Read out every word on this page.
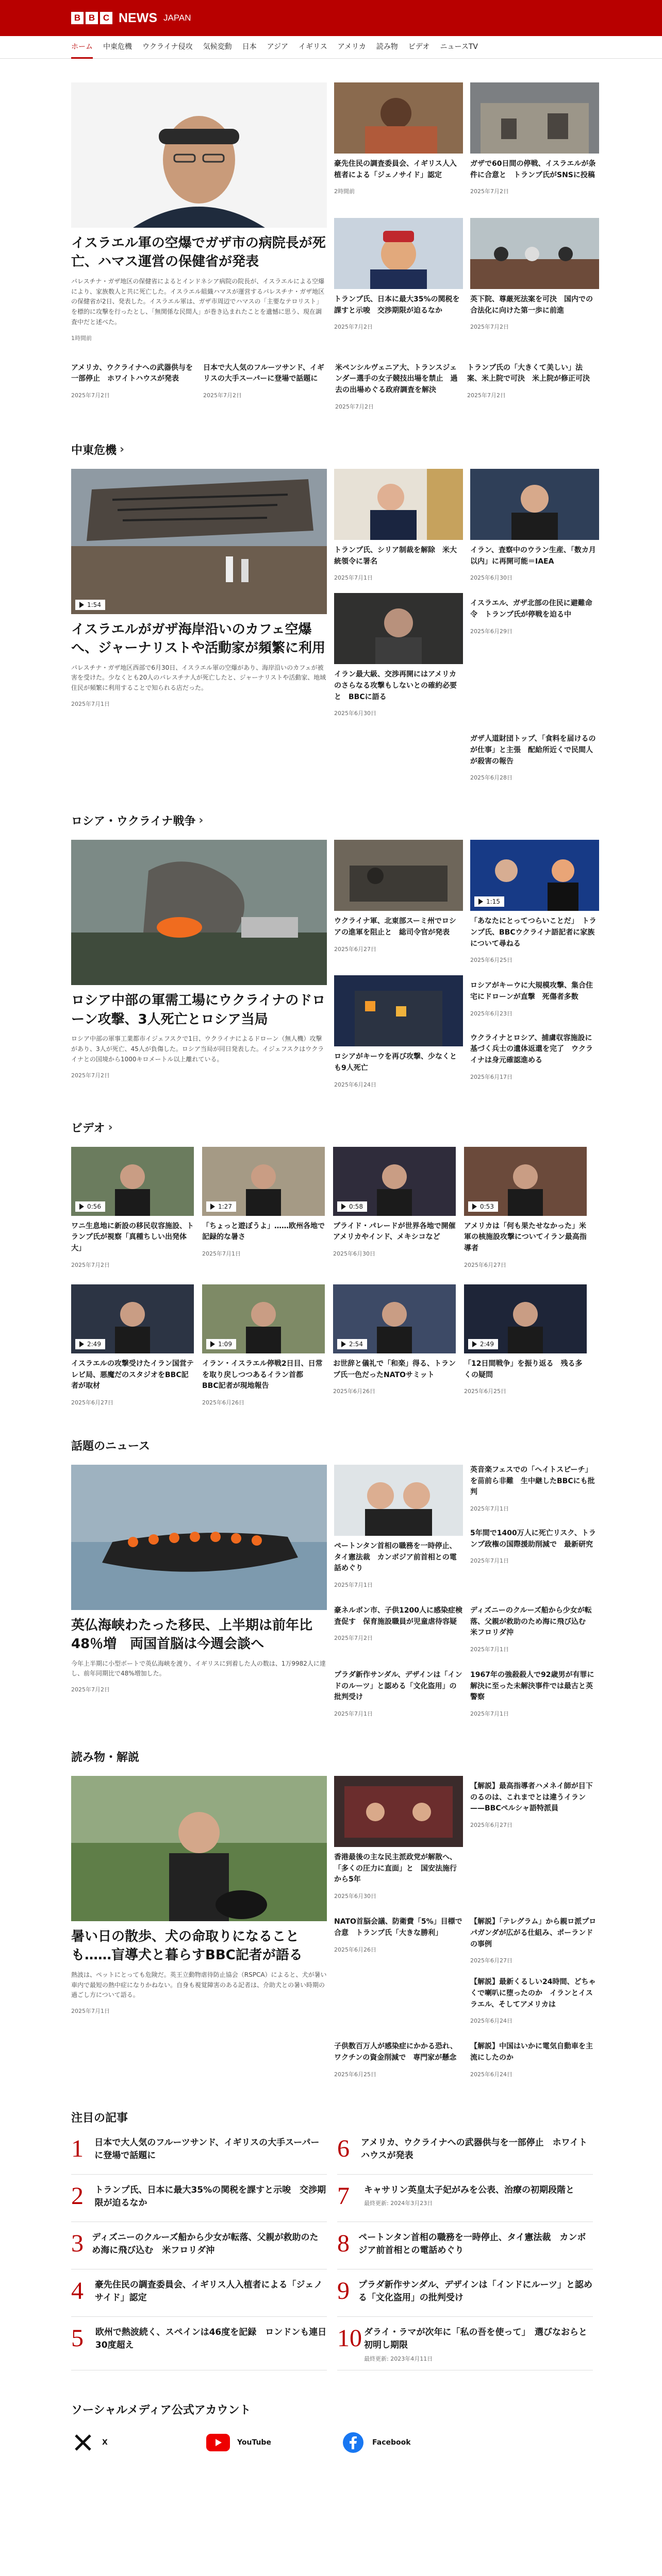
B B C NEWS JAPAN
ホーム 中東危機 ウクライナ侵攻 気候変動 日本 アジア イギリス アメリカ 読み物 ビデオ ニュースTV
イスラエル軍の空爆でガザ市の病院長が死亡、ハマス運営の保健省が発表
パレスチナ・ガザ地区の保健省によるとインドネシア病院の院長が、イスラエルによる空爆により、家族数人と共に死亡した。イスラエル組織ハマスが運営するパレスチナ・ガザ地区の保健省が2日、発表した。イスラエル軍は、ガザ市周辺でハマスの「主要なテロリスト」を標的に攻撃を行ったとし、「無関係な民間人」が巻き込まれたことを遺憾に思う、現在調査中だと述べた。
1時間前
豪先住民の調査委員会、イギリス人入植者による「ジェノサイド」認定
2時間前
ガザで60日間の停戦、イスラエルが条件に合意と　トランプ氏がSNSに投稿
2025年7月2日
トランプ氏、日本に最大35%の関税を課すと示唆　交渉期限が迫るなか
2025年7月2日
英下院、尊厳死法案を可決　国内での合法化に向けた第一歩に前進
2025年7月2日
アメリカ、ウクライナへの武器供与を一部停止　ホワイトハウスが発表
2025年7月2日
日本で大人気のフルーツサンド、イギリスの大手スーパーに登場で話題に
2025年7月2日
米ペンシルヴェニア大、トランスジェンダー選手の女子競技出場を禁止　過去の出場めぐる政府調査を解決
2025年7月2日
トランプ氏の「大きくて美しい」法案、米上院で可決　米上院が修正可決
2025年7月2日
中東危機 ›
1:54
イスラエルがガザ海岸沿いのカフェ空爆へ、ジャーナリストや活動家が頻繁に利用
パレスチナ・ガザ地区西部で6月30日、イスラエル軍の空爆があり、海岸沿いのカフェが被害を受けた。少なくとも20人のパレスチナ人が死亡したと、ジャーナリストや活動家、地域住民が頻繁に利用することで知られる店だった。
2025年7月1日
トランプ氏、シリア制裁を解除　米大統領令に署名
2025年7月1日
イラン、査察中のウラン生産、「数カ月以内」に再開可能＝IAEA
2025年6月30日
イラン最大級、交渉再開にはアメリカのさらなる攻撃もしないとの確約必要と　BBCに語る
2025年6月30日
イスラエル、ガザ北部の住民に避難命令　トランプ氏が停戦を迫る中
2025年6月29日
ガザ人道財団トップ、「食料を届けるのが仕事」と主張　配給所近くで民間人が殺害の報告
2025年6月28日
ロシア・ウクライナ戦争 ›
ロシア中部の軍需工場にウクライナのドローン攻撃、3人死亡とロシア当局
ロシア中部の軍事工業都市イジェフスクで1日、ウクライナによるドローン（無人機）攻撃があり、3人が死亡、45人が負傷した。ロシア当局が同日発表した。イジェフスクはウクライナとの国境から1000キロメートル以上離れている。
2025年7月2日
ウクライナ軍、北東部スーミ州でロシアの進軍を阻止と　総司令官が発表
2025年6月27日
1:15
「あなたにとってつらいことだ」　トランプ氏、BBCウクライナ語記者に家族について尋ねる
2025年6月25日
ロシアがキーウを再び攻撃、少なくとも9人死亡
2025年6月24日
ロシアがキーウに大規模攻撃、集合住宅にドローンが直撃　死傷者多数
2025年6月23日
ウクライナとロシア、捕虜収容施設に基づく兵士の遺体返還を完了　ウクライナは身元確認進める
2025年6月17日
ビデオ ›
0:56
ワニ生息地に新設の移民収容施設、トランプ氏が視察「真種ちしい出発体大」
2025年7月2日
1:27
「ちょっと遊ぼうよ」……欧州各地で記録的な暑さ
2025年7月1日
0:58
プライド・パレードが世界各地で開催　アメリカやインド、メキシコなど
2025年6月30日
0:53
アメリカは「何も果たせなかった」米軍の核施設攻撃についてイラン最高指導者
2025年6月27日
2:49
イスラエルの攻撃受けたイラン国営テレビ局、悪魔だのスタジオをBBC記者が取材
2025年6月27日
1:09
イラン・イスラエル停戦2日目、日常を取り戻しつつあるイラン首都　BBC記者が現地報告
2025年6月26日
2:54
お世辞と儀礼で「和楽」得る、トランプ氏一色だったNATOサミット
2025年6月26日
2:49
「12日間戦争」を振り返る　残る多くの疑問
2025年6月25日
話題のニュース
英仏海峡わたった移民、上半期は前年比48％増　両国首脳は今週会談へ
今年上半期に小型ボートで英仏海峡を渡り、イギリスに到着した人の数は、1万9982人に達し、前年同期比で48%増加した。
2025年7月2日
ペートンタン首相の職務を一時停止、タイ憲法裁　カンボジア前首相との電話めぐり
2025年7月1日
英音楽フェスでの「ヘイトスピーチ」を苗前ら非難　生中継したBBCにも批判
2025年7月1日
5年間で1400万人に死亡リスク、トランプ政権の国際援助削減で　最新研究
2025年7月1日
豪ネルボン市、子供1200人に感染症検査促す　保育施設職員が児童虐待容疑
2025年7月2日
ディズニーのクルーズ船から少女が転落、父親が救助のため海に飛び込む　米フロリダ沖
2025年7月1日
プラダ新作サンダル、デザインは「インドのルーツ」と認める「文化盗用」の批判受け
2025年7月1日
1967年の強殺殺人で92歳男が有罪に　解決に至った未解決事件では最古と英警察
2025年7月1日
読み物・解説
暑い日の散歩、犬の命取りになることも……盲導犬と暮らすBBC記者が語る
熱波は、ペットにとっても危険だ。英王立動物虐待防止協会（RSPCA）によると、犬が暑い車内で最短の熱中症になりかねない。自身も視覚障害のある記者は、介助犬との暑い時期の過ごし方について語る。
2025年7月1日
香港最後の主な民主派政党が解散へ、「多くの圧力に直面」と　国安法施行から5年
2025年6月30日
【解説】最高指導者ハメネイ師が目下のるのは、これまでとは違うイラン——BBCペルシャ語特派員
2025年6月27日
NATO首脳会議、防衛費「5%」目標で合意　トランプ氏「大きな勝利」
2025年6月26日
【解説】「テレグラム」から親ロ派プロパガンダが広がる仕組み、ポーランドの事例
2025年6月27日
【解説】最新くるしい24時間、どちゃくで喇叭に堕ったのか　イランとイスラエル、そしてアメリカは
2025年6月24日
子供数百万人が感染症にかかる恐れ、ワクチンの資金削減で　専門家が懸念
2025年6月25日
【解説】中国はいかに電気自動車を主流にしたのか
2025年6月24日
注目の記事
1	日本で大人気のフルーツサンド、イギリスの大手スーパーに登場で話題に	6	アメリカ、ウクライナへの武器供与を一部停止　ホワイトハウスが発表
2	トランプ氏、日本に最大35%の関税を課すと示唆　交渉期限が迫るなか	7	キャサリン英皇太子妃がみを公表、治療の初期段階と
最終更新: 2024年3月23日
3 ディズニーのクルーズ船から少女が転落、父親が救助のため海に飛び込む　米フロリダ沖	8 ペートンタン首相の職務を一時停止、タイ憲法裁　カンボジア前首相との電話めぐり
4	豪先住民の調査委員会、イギリス人入植者による「ジェノサイド」認定	9 プラダ新作サンダル、デザインは「インドにルーツ」と認める「文化盗用」の批判受け
5	欧州で熱波続く、スペインは46度を記録　ロンドンも連日30度超え	10 ダライ・ラマが次年に「私の吾を使って」　選びなおらと初明し期限
最終更新: 2023年4月11日
ソーシャルメディア公式アカウント
X	YouTube	Facebook
